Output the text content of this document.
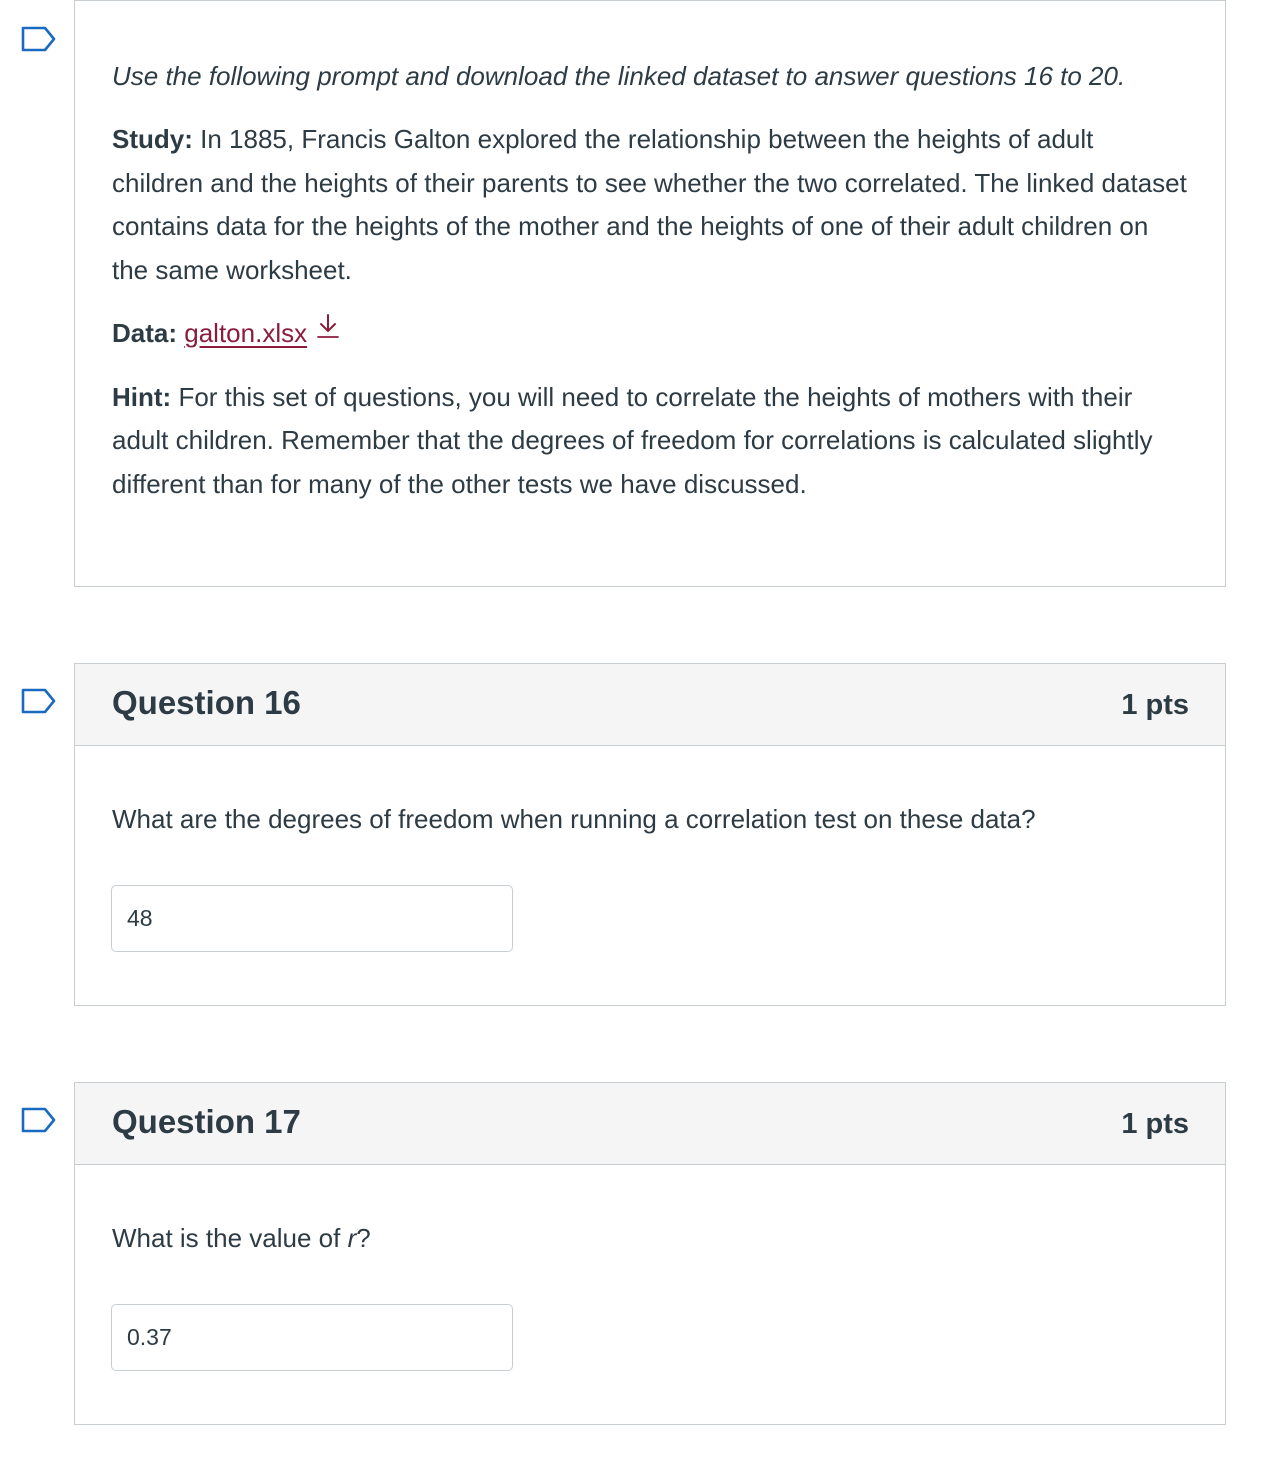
Use the following prompt and download the linked dataset to answer questions 16 to 20.

Study: In 1885, Francis Galton explored the relationship between the heights of adult children and the heights of their parents to see whether the two correlated. The linked dataset contains data for the heights of the mother and the heights of one of their adult children on the same worksheet.

Data: galton.xlsx

Hint: For this set of questions, you will need to correlate the heights of mothers with their adult children. Remember that the degrees of freedom for correlations is calculated slightly different than for many of the other tests we have discussed.

Question 16	1 pts
What are the degrees of freedom when running a correlation test on these data?
48
Question 17	1 pts
What is the value of r?
0.37
